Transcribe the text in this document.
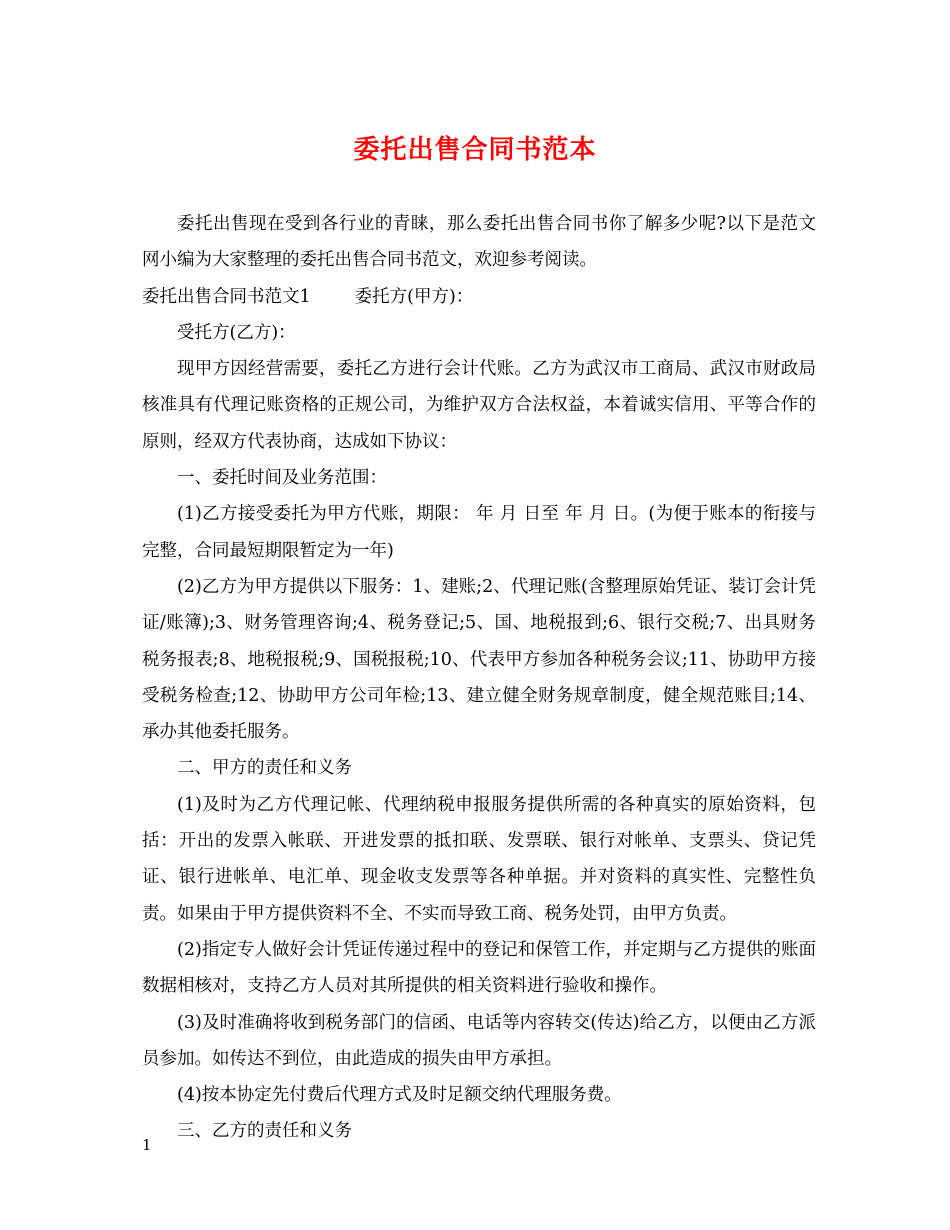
委托出售合同书范本

委托出售现在受到各行业的青睐，那么委托出售合同书你了解多少呢?以下是范文网小编为大家整理的委托出售合同书范文，欢迎参考阅读。

委托出售合同书范文1	委托方(甲方)：

受托方(乙方)：

现甲方因经营需要，委托乙方进行会计代账。乙方为武汉市工商局、武汉市财政局核准具有代理记账资格的正规公司，为维护双方合法权益，本着诚实信用、平等合作的原则，经双方代表协商，达成如下协议：

一、委托时间及业务范围：

(1)乙方接受委托为甲方代账，期限： 年 月 日至 年 月 日。(为便于账本的衔接与完整，合同最短期限暂定为一年)

(2)乙方为甲方提供以下服务：1、建账;2、代理记账(含整理原始凭证、装订会计凭证/账簿);3、财务管理咨询;4、税务登记;5、国、地税报到;6、银行交税;7、出具财务税务报表;8、地税报税;9、国税报税;10、代表甲方参加各种税务会议;11、协助甲方接受税务检查;12、协助甲方公司年检;13、建立健全财务规章制度，健全规范账目;14、承办其他委托服务。

二、甲方的责任和义务

(1)及时为乙方代理记帐、代理纳税申报服务提供所需的各种真实的原始资料，包括：开出的发票入帐联、开进发票的抵扣联、发票联、银行对帐单、支票头、贷记凭证、银行进帐单、电汇单、现金收支发票等各种单据。并对资料的真实性、完整性负责。如果由于甲方提供资料不全、不实而导致工商、税务处罚，由甲方负责。

(2)指定专人做好会计凭证传递过程中的登记和保管工作，并定期与乙方提供的账面数据相核对，支持乙方人员对其所提供的相关资料进行验收和操作。

(3)及时准确将收到税务部门的信函、电话等内容转交(传达)给乙方，以便由乙方派员参加。如传达不到位，由此造成的损失由甲方承担。

(4)按本协定先付费后代理方式及时足额交纳代理服务费。

三、乙方的责任和义务

1
